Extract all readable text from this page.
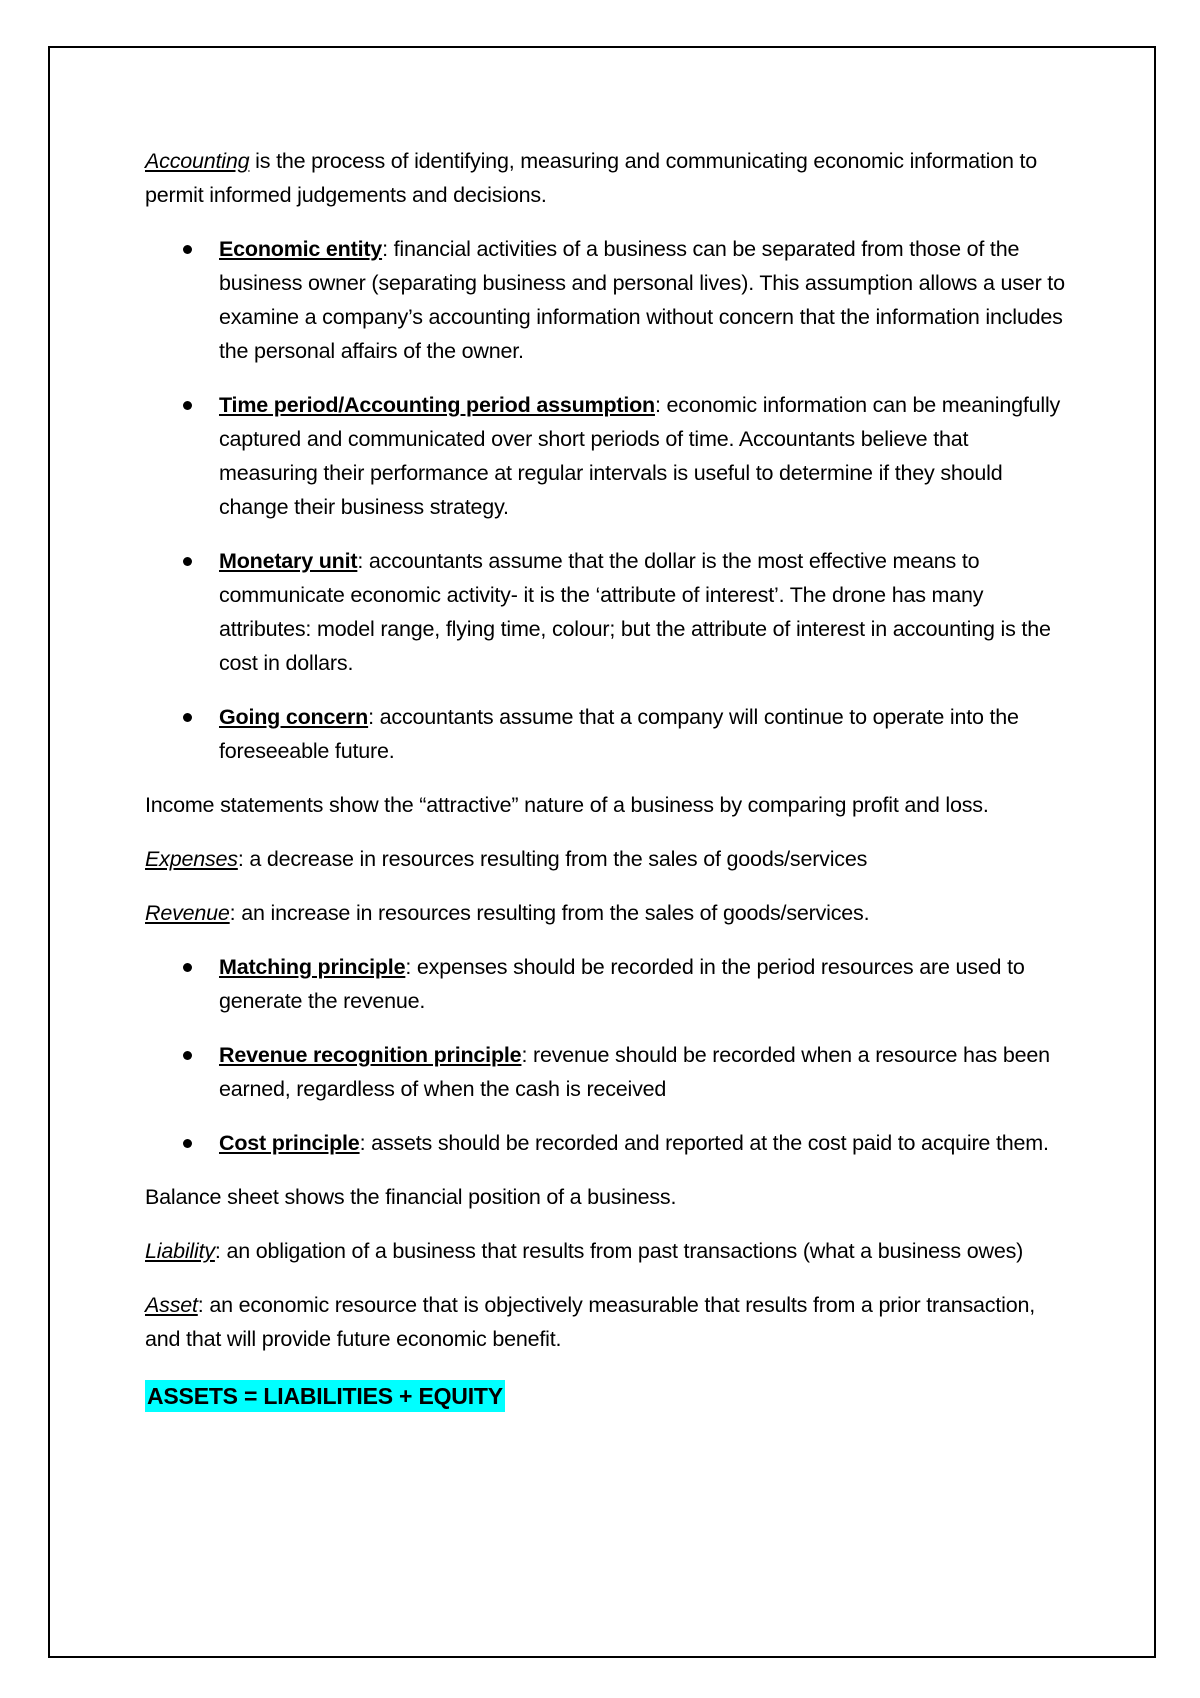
Accounting is the process of identifying, measuring and communicating economic information to permit informed judgements and decisions.

Economic entity: financial activities of a business can be separated from those of the business owner (separating business and personal lives). This assumption allows a user to examine a company’s accounting information without concern that the information includes the personal affairs of the owner.
Time period/Accounting period assumption: economic information can be meaningfully captured and communicated over short periods of time. Accountants believe that measuring their performance at regular intervals is useful to determine if they should change their business strategy.
Monetary unit: accountants assume that the dollar is the most effective means to communicate economic activity- it is the ‘attribute of interest’. The drone has many attributes: model range, flying time, colour; but the attribute of interest in accounting is the cost in dollars.
Going concern: accountants assume that a company will continue to operate into the foreseeable future.

Income statements show the “attractive” nature of a business by comparing profit and loss.

Expenses: a decrease in resources resulting from the sales of goods/services

Revenue: an increase in resources resulting from the sales of goods/services.

Matching principle: expenses should be recorded in the period resources are used to generate the revenue.
Revenue recognition principle: revenue should be recorded when a resource has been earned, regardless of when the cash is received
Cost principle: assets should be recorded and reported at the cost paid to acquire them.

Balance sheet shows the financial position of a business.

Liability: an obligation of a business that results from past transactions (what a business owes)

Asset: an economic resource that is objectively measurable that results from a prior transaction, and that will provide future economic benefit.

ASSETS = LIABILITIES + EQUITY
